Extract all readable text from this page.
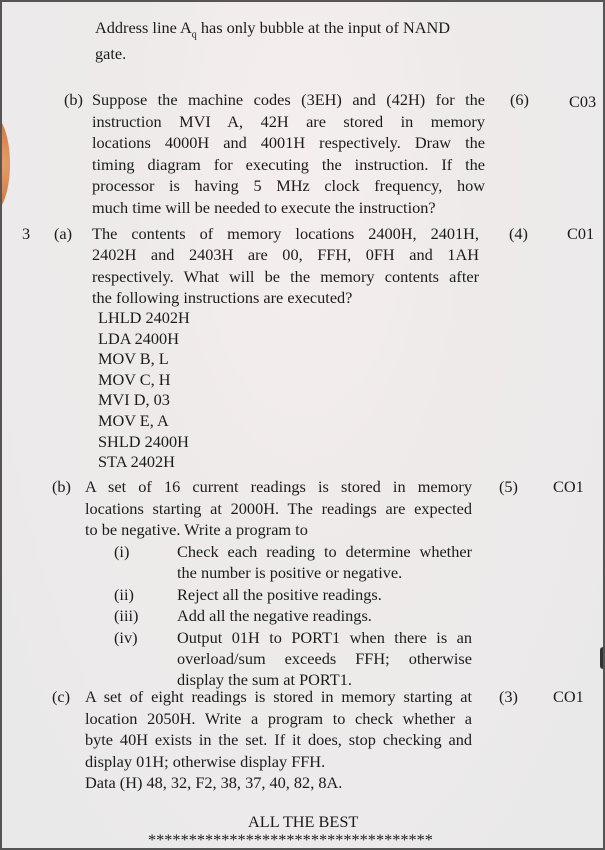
Address line $A_q$ has only bubble at the input of NAND
gate.
(b) Suppose the machine codes (3EH) and (42H) for the
instruction MVI A, 42H are stored in memory
locations 4000H and 4001H respectively. Draw the
timing diagram for executing the instruction. If the
processor is having 5 MHz clock frequency, how
much time will be needed to execute the instruction?
(6) C03
3 (a) The contents of memory locations 2400H, 2401H,
2402H and 2403H are 00, FFH, 0FH and 1AH
respectively. What will be the memory contents after
the following instructions are executed?
(4) C01
LHLD 2402H
LDA 2400H
MOV B, L
MOV C, H
MVI D, 03
MOV E, A
SHLD 2400H
STA 2402H
(b) A set of 16 current readings is stored in memory
locations starting at 2000H. The readings are expected
to be negative. Write a program to
(5) CO1
(i)	Check each reading to determine whether
the number is positive or negative.
(ii)	Reject all the positive readings.
(iii) Add all the negative readings.
(iv) Output 01H to PORT1 when there is an
overload/sum exceeds FFH; otherwise
display the sum at PORT1.
(c) A set of eight readings is stored in memory starting at
location 2050H. Write a program to check whether a
byte 40H exists in the set. If it does, stop checking and
display 01H; otherwise display FFH.
Data (H) 48, 32, F2, 38, 37, 40, 82, 8A.
(3) CO1
ALL THE BEST
***********************************
